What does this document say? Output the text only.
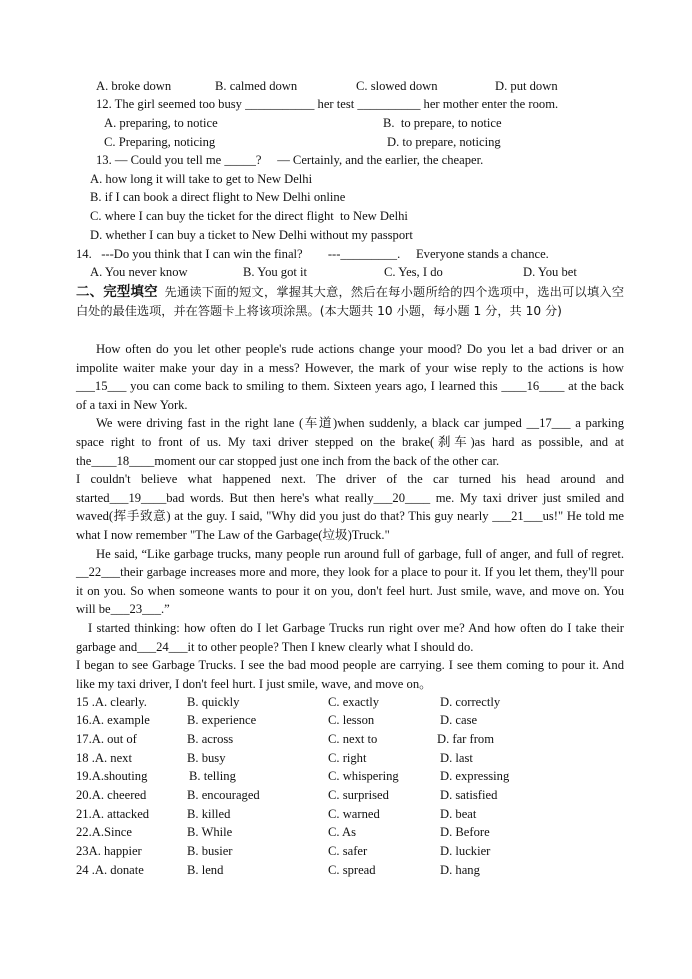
A. broke down	B. calmed down	C. slowed down	D. put down
12. The girl seemed too busy ___________ her test __________ her mother enter the room.
A. preparing, to notice	B.  to prepare, to notice
C. Preparing, noticing	D. to prepare, noticing
13. — Could you tell me _____?     — Certainly, and the earlier, the cheaper.
A. how long it will take to get to New Delhi
B. if I can book a direct flight to New Delhi online
C. where I can buy the ticket for the direct flight  to New Delhi
D. whether I can buy a ticket to New Delhi without my passport
14.   ---Do you think that I can win the final?        ---_________.     Everyone stands a chance.
A. You never know	B. You got it	C. Yes, I do	D. You bet
二、完型填空 先通读下面的短文，掌握其大意，然后在每小题所给的四个选项中，选出可以填入空白处的最佳选项，并在答题卡上将该项涂黑。(本大题共 10 小题，每小题 1 分，共 10 分)
How often do you let other people's rude actions change your mood? Do you let a bad driver or an impolite waiter make your day in a mess? However, the mark of your wise reply to the actions is how ___15___ you can come back to smiling to them. Sixteen years ago, I learned this ____16____ at the back of a taxi in New York.
We were driving fast in the right lane (车道)when suddenly, a black car jumped __17___ a parking space right to front of us. My taxi driver stepped on the brake(刹车)as hard as possible, and at the____18____moment our car stopped just one inch from the back of the other car.
I couldn't believe what happened next. The driver of the car turned his head around and started___19____bad words. But then here's what really___20____ me. My taxi driver just smiled and waved(挥手致意) at the guy. I said, "Why did you just do that? This guy nearly ___21___us!" He told me what I now remember "The Law of the Garbage(垃圾)Truck."
He said, “Like garbage trucks, many people run around full of garbage, full of anger, and full of regret. __22___their garbage increases more and more, they look for a place to pour it. If you let them, they'll pour it on you. So when someone wants to pour it on you, don't feel hurt. Just smile, wave, and move on. You will be___23___.”
I started thinking: how often do I let Garbage Trucks run right over me? And how often do I take their garbage and___24___it to other people? Then I knew clearly what I should do.
I began to see Garbage Trucks. I see the bad mood people are carrying. I see them coming to pour it. And like my taxi driver, I don't feel hurt. I just smile, wave, and move on。
15 .A. clearly.	B. quickly	C. exactly	D. correctly
16.A. example	B. experience	C. lesson	D. case
17.A. out of	B. across	C. next to	D. far from
18 .A. next	B. busy	C. right	D. last
19.A.shouting	B. telling	C. whispering	D. expressing
20.A. cheered	B. encouraged	C. surprised	D. satisfied
21.A. attacked	B. killed	C. warned	D. beat
22.A.Since	B. While	C. As	D. Before
23A. happier	B. busier	C. safer	D. luckier
24 .A. donate	B. lend	C. spread	D. hang
